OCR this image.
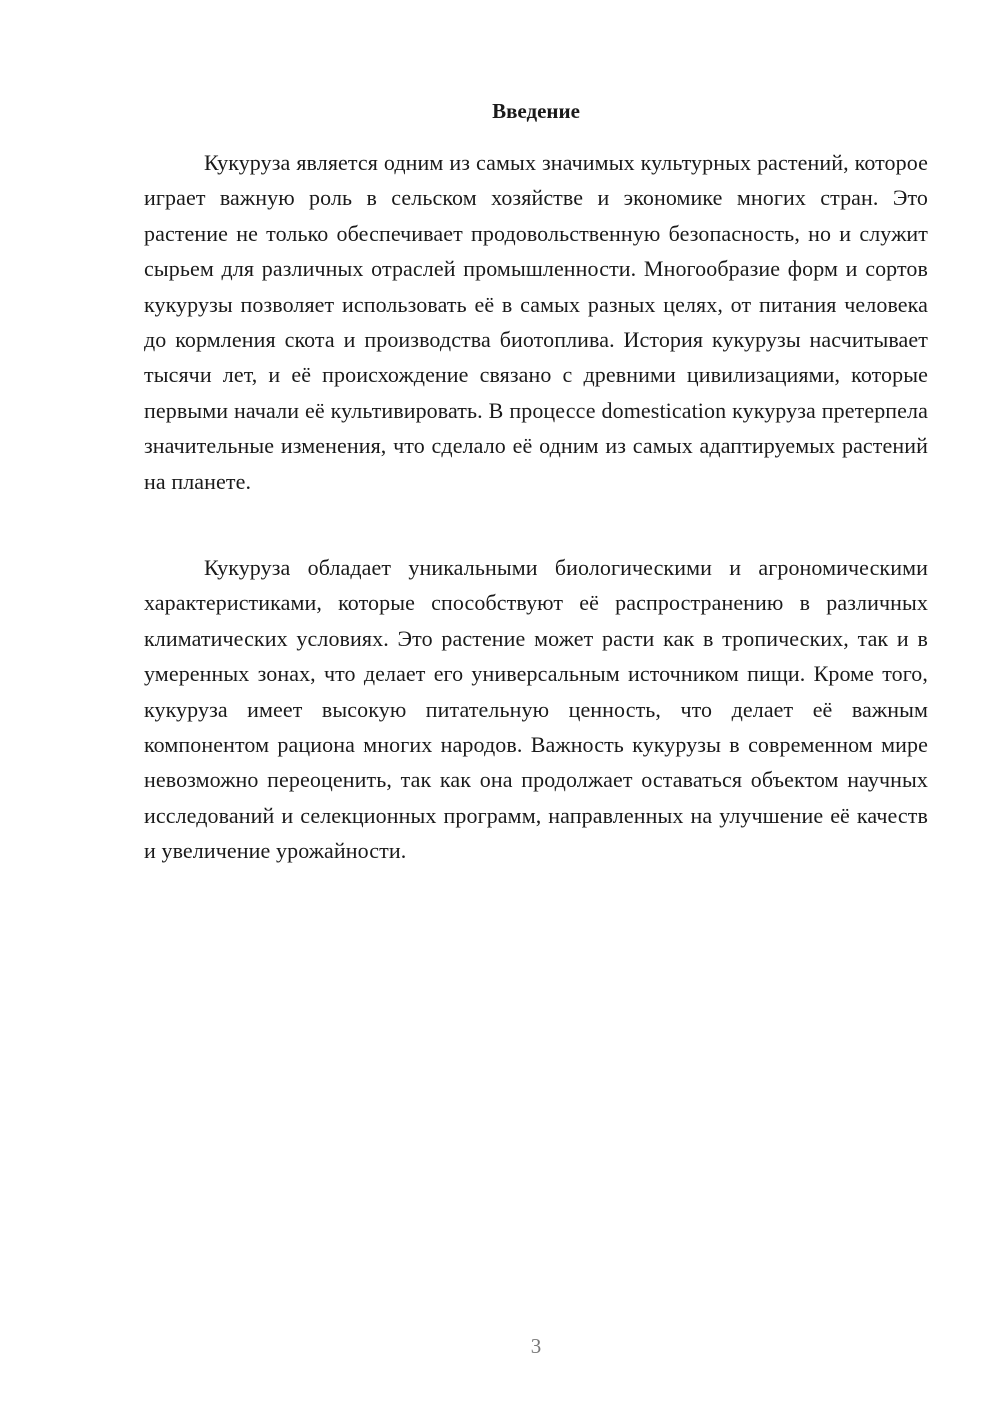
Введение

Кукуруза является одним из самых значимых культурных растений, которое играет важную роль в сельском хозяйстве и экономике многих стран. Это растение не только обеспечивает продовольственную безопасность, но и служит сырьем для различных отраслей промышленности. Многообразие форм и сортов кукурузы позволяет использовать её в самых разных целях, от питания человека до кормления скота и производства биотоплива. История кукурузы насчитывает тысячи лет, и её происхождение связано с древними цивилизациями, которые первыми начали её культивировать. В процессе domestication кукуруза претерпела значительные изменения, что сделало её одним из самых адаптируемых растений на планете.

Кукуруза обладает уникальными биологическими и агрономическими характеристиками, которые способствуют её распространению в различных климатических условиях. Это растение может расти как в тропических, так и в умеренных зонах, что делает его универсальным источником пищи. Кроме того, кукуруза имеет высокую питательную ценность, что делает её важным компонентом рациона многих народов. Важность кукурузы в современном мире невозможно переоценить, так как она продолжает оставаться объектом научных исследований и селекционных программ, направленных на улучшение её качеств и увеличение урожайности.

3
